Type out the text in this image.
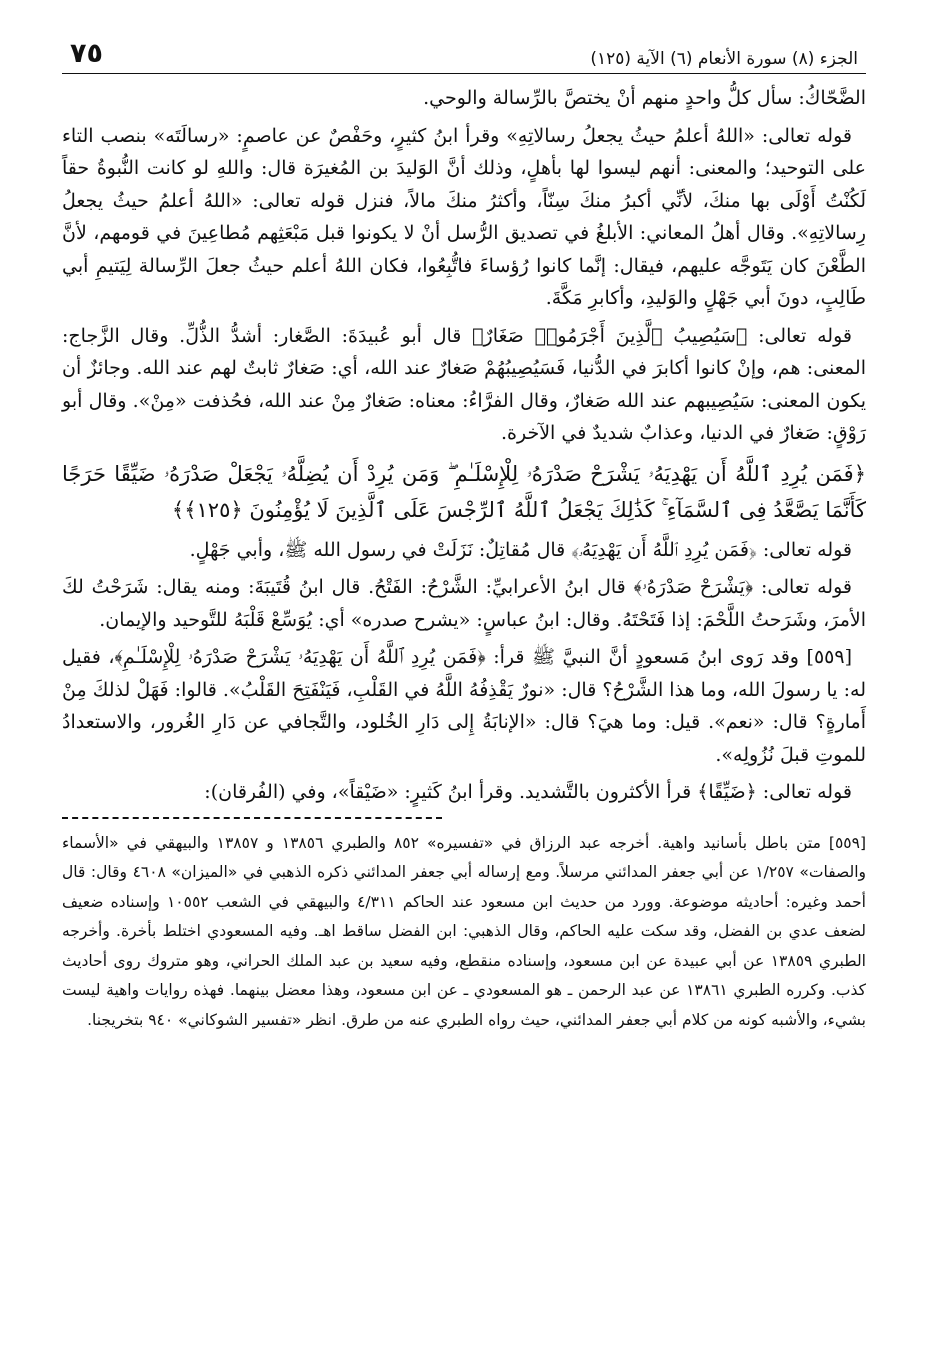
الجزء (٨) سورة الأنعام (٦) الآية (١٢٥)
٧٥

الضَّحّاكُ: سأل كلُّ واحدٍ منهم أنْ يختصَّ بالرِّسالة والوحي.

قوله تعالى: «اللهُ أعلمُ حيثُ يجعلُ رسالاتِهِ» وقرأ ابنُ كثيرٍ، وحَفْصٌ عن عاصمٍ: «رسالَتَه» بنصب التاء على التوحيد؛ والمعنى: أنهم ليسوا لها بأهلٍ، وذلك أنَّ الوَليدَ بن المُغيرَة قال: واللهِ لو كانت النُّبوةُ حقاً لَكُنْتُ أَوْلَى بها منكَ، لأنِّي أكبرُ منكَ سِنّاً، وأكثرُ منكَ مالاً، فنزل قوله تعالى: «اللهُ أعلمُ حيثُ يجعلُ رِسالاتِهِ». وقال أهلُ المعاني: الأبلغُ في تصديق الرُّسل أنْ لا يكونوا قبل مَبْعَثِهم مُطاعِينَ في قومهم، لأنَّ الطَّعْنَ كان يَتَوجَّه عليهم، فيقال: إنَّما كانوا رُؤساءَ فاتُّبِعُوا، فكان اللهُ أعلم حيثُ جعلَ الرِّسالة لِيَتيمِ أبي طَالِبٍ، دونَ أبي جَهْلٍ والوَليدِ، وأكابرِ مَكَّةَ.

قوله تعالى: ﴿سَيُصِيبُ ٱلَّذِينَ أَجْرَمُوا۟ صَغَارٌ﴾ قال أبو عُبيدَةَ: الصَّغار: أشدُّ الذُّلِّ. وقال الزَّجاج: المعنى: هم، وإنْ كانوا أكابرَ في الدُّنيا، فَسَيُصِيبُهُمْ صَغارٌ عند الله، أي: صَغارٌ ثابتٌ لهم عند الله. وجائزٌ أن يكون المعنى: سَيُصِيبهم عند الله صَغارٌ، وقال الفرَّاءُ: معناه: صَغارٌ مِنْ عند الله، فحُذفت «مِنْ». وقال أبو رَوْقٍ: صَغارٌ في الدنيا، وعذابٌ شديدٌ في الآخرة.

﴿فَمَن يُرِدِ ٱللَّهُ أَن يَهْدِيَهُۥ يَشْرَحْ صَدْرَهُۥ لِلْإِسْلَـٰمِ ۖ وَمَن يُرِدْ أَن يُضِلَّهُۥ يَجْعَلْ صَدْرَهُۥ ضَيِّقًا حَرَجًا كَأَنَّمَا يَصَّعَّدُ فِى ٱلسَّمَآءِ ۚ كَذَٰلِكَ يَجْعَلُ ٱللَّهُ ٱلرِّجْسَ عَلَى ٱلَّذِينَ لَا يُؤْمِنُونَ ﴿١٢٥﴾﴾

قوله تعالى: ﴿فَمَن يُرِدِ ٱللَّهُ أَن يَهْدِيَهُۥ﴾ قال مُقاتِلٌ: نَزَلَتْ في رسول الله ﷺ، وأبي جَهْلٍ.

قوله تعالى: ﴿يَشْرَحْ صَدْرَهُۥ﴾ قال ابنُ الأعرابيِّ: الشَّرْحُ: الفَتْحُ. قال ابنُ قُتَيبَةَ: ومنه يقال: شَرَحْتُ لكَ الأمرَ، وشَرَحتُ اللَّحْمَ: إذا فَتَحْتَهُ. وقال: ابنُ عباسٍ: «يشرح صدره» أي: يُوَسِّعْ قَلْبَهُ للتَّوحيد والإيمان.

[٥٥٩] وقد رَوى ابنُ مَسعودٍ أنَّ النبيَّ ﷺ قرأ: ﴿فَمَن يُرِدِ ٱللَّهُ أَن يَهْدِيَهُۥ يَشْرَحْ صَدْرَهُۥ لِلْإِسْلَـٰمِ﴾، فقيل له: يا رسولَ الله، وما هذا الشَّرْحُ؟ قال: «نورٌ يَقْذِفُهُ اللَّهُ في القَلْبِ، فَيَنْفَتِحَ القَلْبُ». قالوا: فَهَلْ لذلكَ مِنْ أَمارةٍ؟ قال: «نعم». قيل: وما هيَ؟ قال: «الإنابَةُ إِلى دَارِ الخُلود، والتَّجافي عن دَارِ الغُرور، والاستعدادُ للموتِ قبلَ نُزُولِه».

قوله تعالى: ﴿ضَيِّقًا﴾ قرأ الأكثرون بالتَّشديد. وقرأ ابنُ كَثيرٍ: «ضَيْقاً»، وفي (الفُرقان):

[٥٥٩] متن باطل بأسانيد واهية. أخرجه عبد الرزاق في «تفسيره» ٨٥٢ والطبري ١٣٨٥٦ و ١٣٨٥٧ والبيهقي في «الأسماء والصفات» ١/٢٥٧ عن أبي جعفر المدائني مرسلاً. ومع إرساله أبي جعفر المدائني ذكره الذهبي في «الميزان» ٤٦٠٨ وقال: قال أحمد وغيره: أحاديثه موضوعة. وورد من حديث ابن مسعود عند الحاكم ٤/٣١١ والبيهقي في الشعب ١٠٥٥٢ وإسناده ضعيف لضعف عدي بن الفضل، وقد سكت عليه الحاكم، وقال الذهبي: ابن الفضل ساقط اهـ. وفيه المسعودي اختلط بأخرة. وأخرجه الطبري ١٣٨٥٩ عن أبي عبيدة عن ابن مسعود، وإسناده منقطع، وفيه سعيد بن عبد الملك الحراني، وهو متروك روى أحاديث كذب. وكرره الطبري ١٣٨٦١ عن عبد الرحمن ـ هو المسعودي ـ عن ابن مسعود، وهذا معضل بينهما. فهذه روايات واهية ليست بشيء، والأشبه كونه من كلام أبي جعفر المدائني، حيث رواه الطبري عنه من طرق. انظر «تفسير الشوكاني» ٩٤٠ بتخريجنا.
